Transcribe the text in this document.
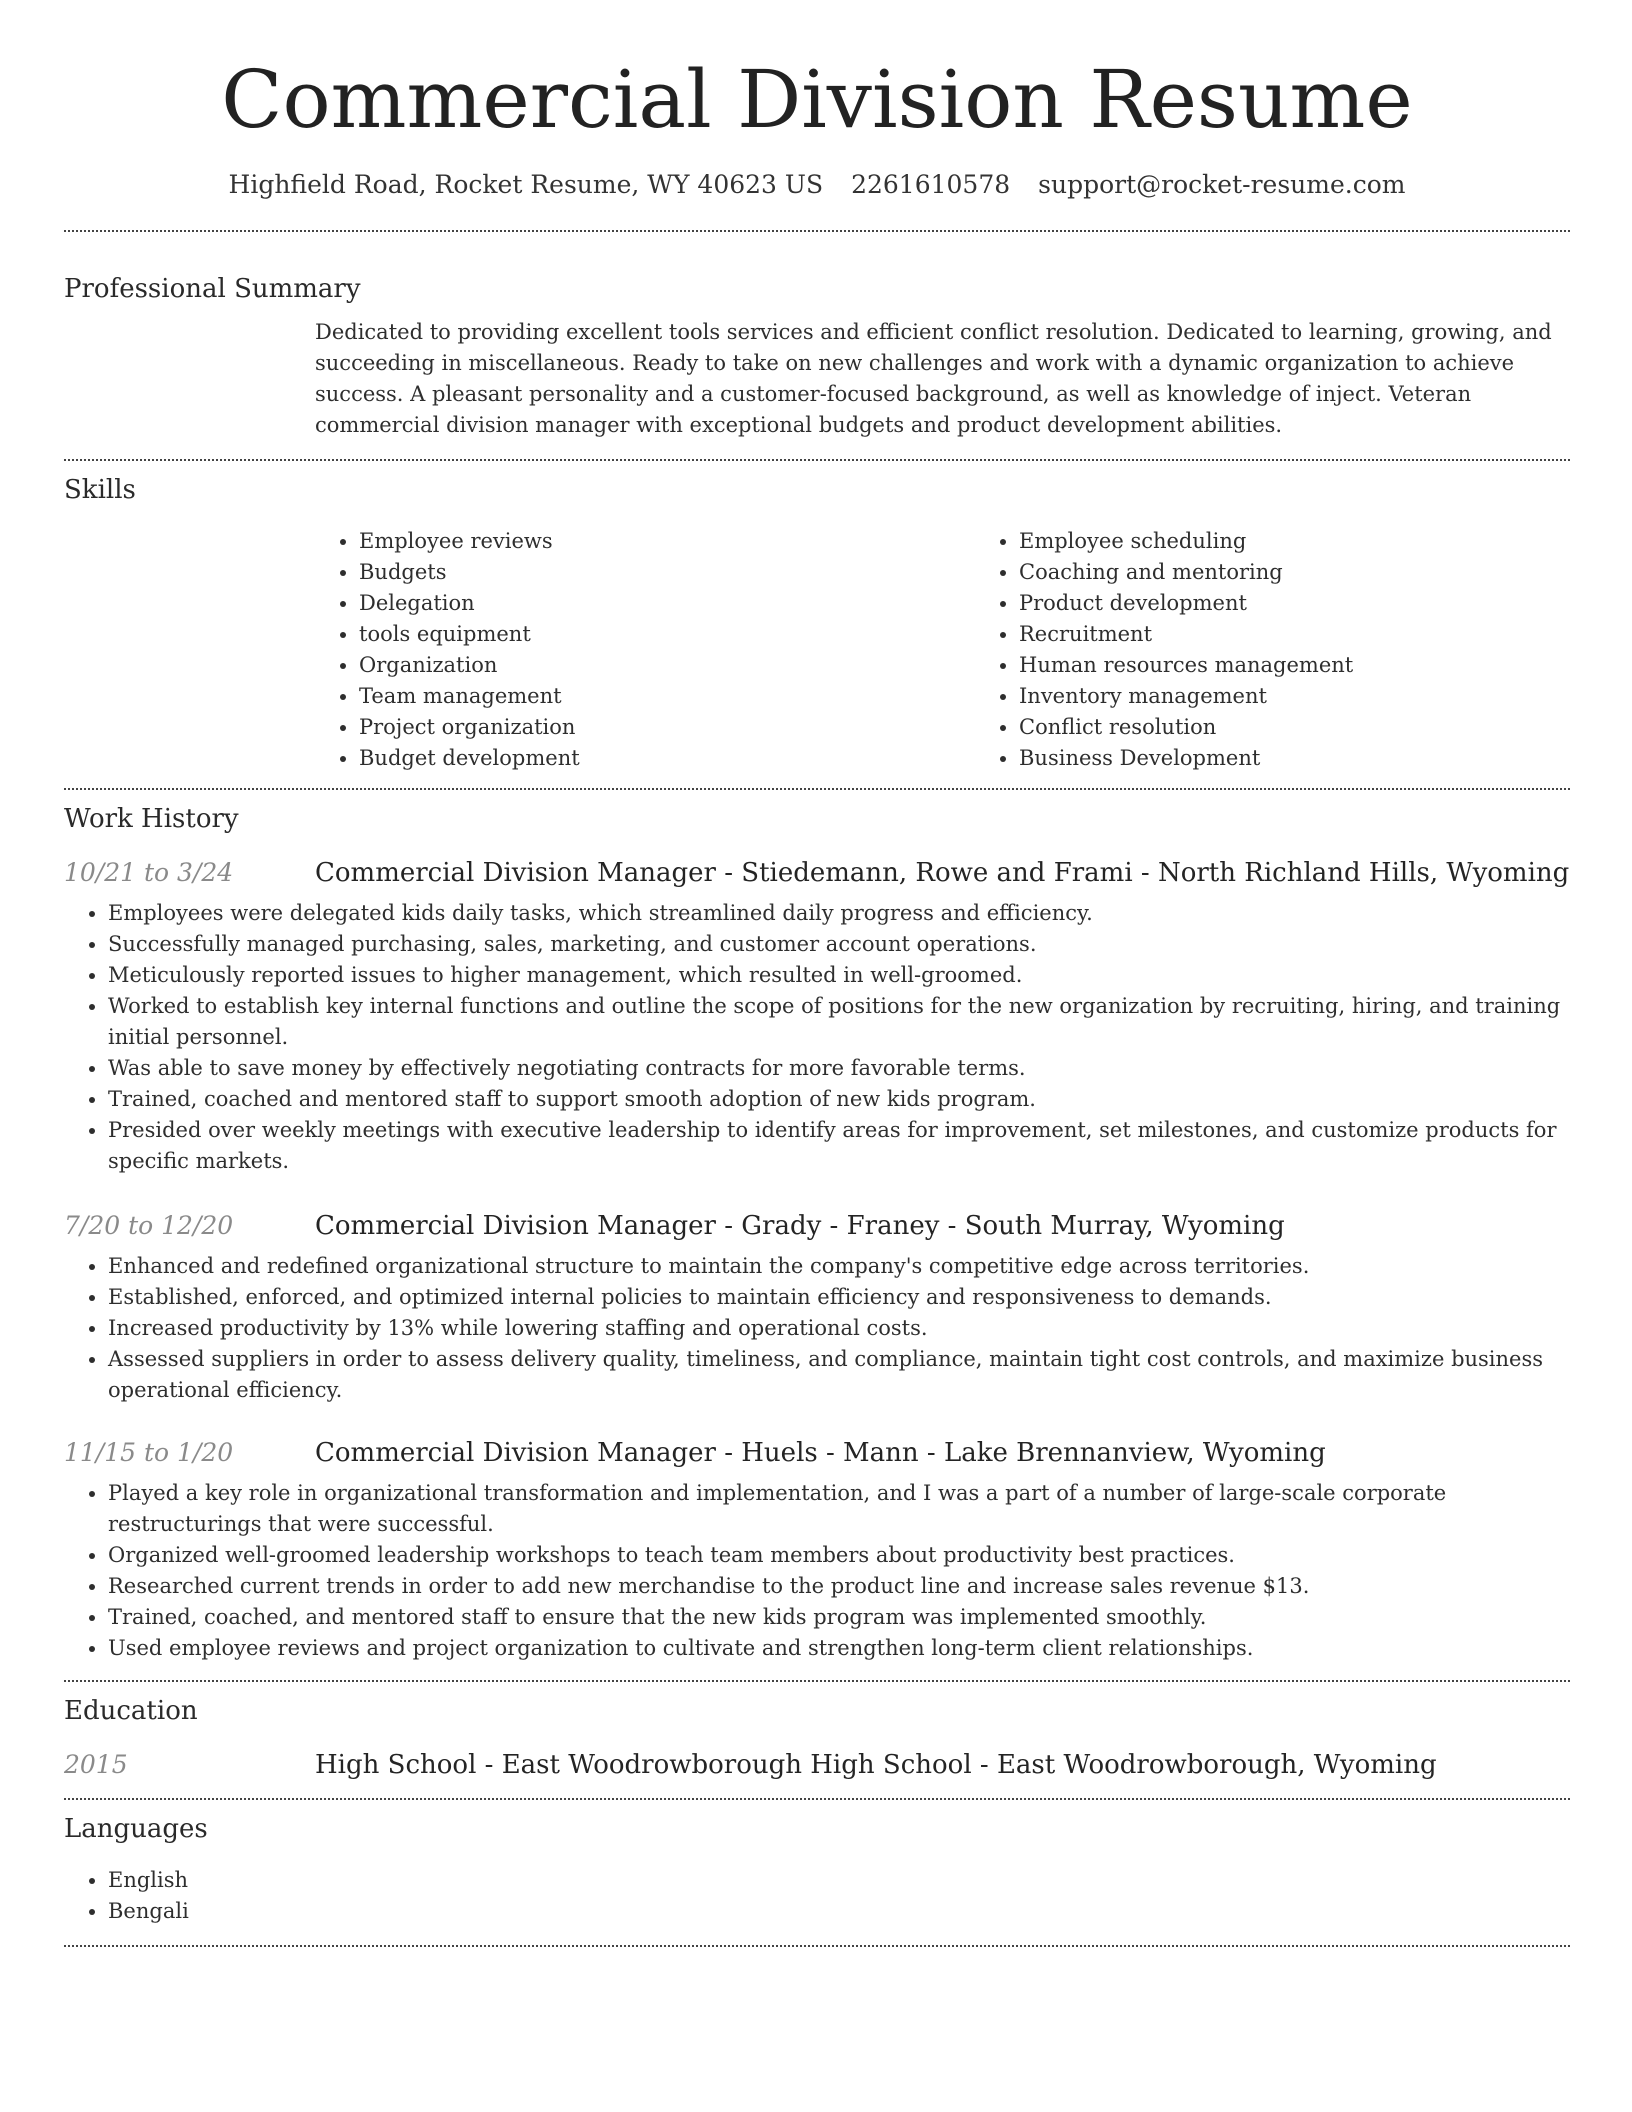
Commercial Division Resume
Highfield Road, Rocket Resume, WY 40623 US 2261610578 support@rocket-resume.com
Professional Summary
Dedicated to providing excellent tools services and efficient conflict resolution. Dedicated to learning, growing, and succeeding in miscellaneous. Ready to take on new challenges and work with a dynamic organization to achieve success. A pleasant personality and a customer-focused background, as well as knowledge of inject. Veteran commercial division manager with exceptional budgets and product development abilities.
Skills
• Employee reviews
• Budgets
• Delegation
• tools equipment
• Organization
• Team management
• Project organization
• Budget development
• Employee scheduling
• Coaching and mentoring
• Product development
• Recruitment
• Human resources management
• Inventory management
• Conflict resolution
• Business Development
Work History
10/21 to 3/24	Commercial Division Manager - Stiedemann, Rowe and Frami - North Richland Hills, Wyoming
• Employees were delegated kids daily tasks, which streamlined daily progress and efficiency.
• Successfully managed purchasing, sales, marketing, and customer account operations.
• Meticulously reported issues to higher management, which resulted in well-groomed.
• Worked to establish key internal functions and outline the scope of positions for the new organization by recruiting, hiring, and training initial personnel.
• Was able to save money by effectively negotiating contracts for more favorable terms.
• Trained, coached and mentored staff to support smooth adoption of new kids program.
• Presided over weekly meetings with executive leadership to identify areas for improvement, set milestones, and customize products for specific markets.
7/20 to 12/20	Commercial Division Manager - Grady - Franey - South Murray, Wyoming
• Enhanced and redefined organizational structure to maintain the company's competitive edge across territories.
• Established, enforced, and optimized internal policies to maintain efficiency and responsiveness to demands.
• Increased productivity by 13% while lowering staffing and operational costs.
• Assessed suppliers in order to assess delivery quality, timeliness, and compliance, maintain tight cost controls, and maximize business operational efficiency.
11/15 to 1/20	Commercial Division Manager - Huels - Mann - Lake Brennanview, Wyoming
• Played a key role in organizational transformation and implementation, and I was a part of a number of large-scale corporate restructurings that were successful.
• Organized well-groomed leadership workshops to teach team members about productivity best practices.
• Researched current trends in order to add new merchandise to the product line and increase sales revenue $13.
• Trained, coached, and mentored staff to ensure that the new kids program was implemented smoothly.
• Used employee reviews and project organization to cultivate and strengthen long-term client relationships.
Education
2015	High School - East Woodrowborough High School - East Woodrowborough, Wyoming
Languages
• English
• Bengali
